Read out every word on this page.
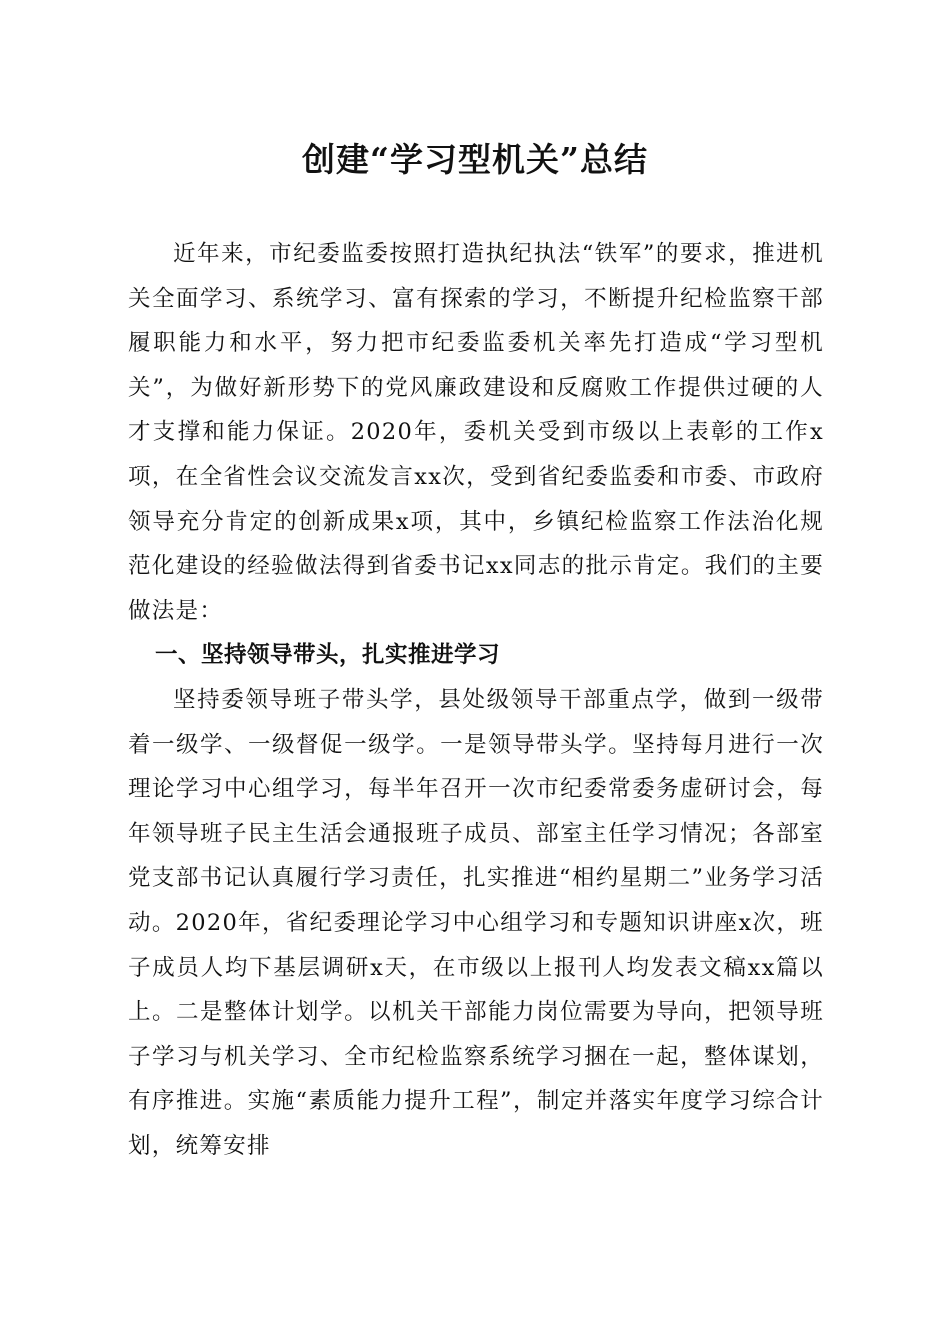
创建“学习型机关”总结

近年来，市纪委监委按照打造执纪执法“铁军”的要求，推进机关全面学习、系统学习、富有探索的学习，不断提升纪检监察干部履职能力和水平，努力把市纪委监委机关率先打造成“学习型机关”，为做好新形势下的党风廉政建设和反腐败工作提供过硬的人才支撑和能力保证。2020年，委机关受到市级以上表彰的工作x项，在全省性会议交流发言xx次，受到省纪委监委和市委、市政府领导充分肯定的创新成果x项，其中，乡镇纪检监察工作法治化规范化建设的经验做法得到省委书记xx同志的批示肯定。我们的主要做法是：

一、坚持领导带头，扎实推进学习

坚持委领导班子带头学，县处级领导干部重点学，做到一级带着一级学、一级督促一级学。一是领导带头学。坚持每月进行一次理论学习中心组学习，每半年召开一次市纪委常委务虚研讨会，每年领导班子民主生活会通报班子成员、部室主任学习情况；各部室党支部书记认真履行学习责任，扎实推进“相约星期二”业务学习活动。2020年，省纪委理论学习中心组学习和专题知识讲座x次，班子成员人均下基层调研x天，在市级以上报刊人均发表文稿xx篇以上。二是整体计划学。以机关干部能力岗位需要为导向，把领导班子学习与机关学习、全市纪检监察系统学习捆在一起，整体谋划，有序推进。实施“素质能力提升工程”，制定并落实年度学习综合计划，统筹安排
